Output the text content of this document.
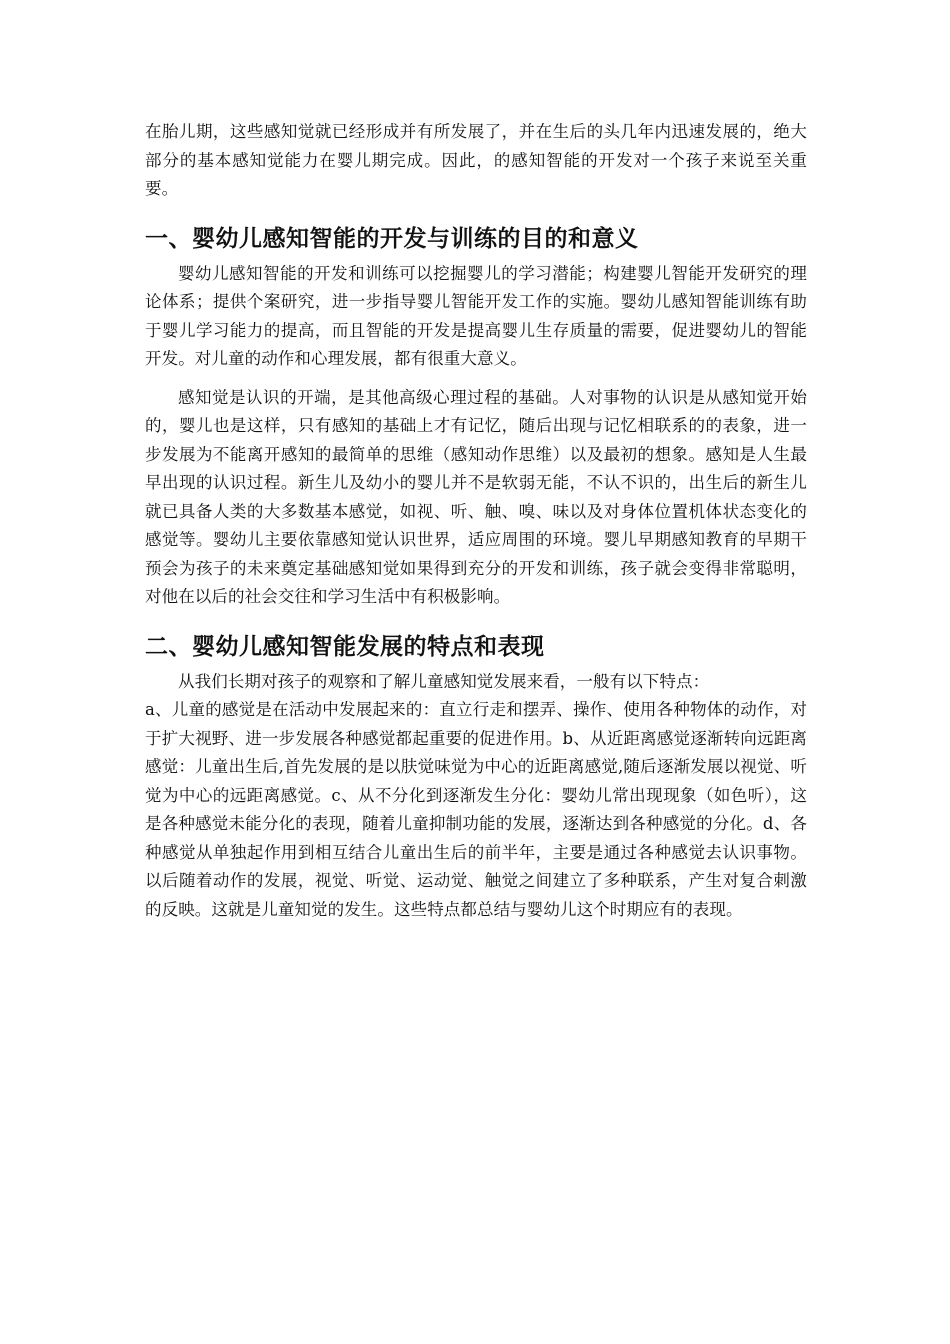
在胎儿期，这些感知觉就已经形成并有所发展了，并在生后的头几年内迅速发展的，绝大部分的基本感知觉能力在婴儿期完成。因此，的感知智能的开发对一个孩子来说至关重要。

一、婴幼儿感知智能的开发与训练的目的和意义

婴幼儿感知智能的开发和训练可以挖掘婴儿的学习潜能；构建婴儿智能开发研究的理论体系；提供个案研究，进一步指导婴儿智能开发工作的实施。婴幼儿感知智能训练有助于婴儿学习能力的提高，而且智能的开发是提高婴儿生存质量的需要，促进婴幼儿的智能开发。对儿童的动作和心理发展，都有很重大意义。

感知觉是认识的开端，是其他高级心理过程的基础。人对事物的认识是从感知觉开始的，婴儿也是这样，只有感知的基础上才有记忆，随后出现与记忆相联系的的表象，进一步发展为不能离开感知的最简单的思维（感知动作思维）以及最初的想象。感知是人生最早出现的认识过程。新生儿及幼小的婴儿并不是软弱无能，不认不识的，出生后的新生儿就已具备人类的大多数基本感觉，如视、听、触、嗅、味以及对身体位置机体状态变化的感觉等。婴幼儿主要依靠感知觉认识世界，适应周围的环境。婴儿早期感知教育的早期干预会为孩子的未来奠定基础感知觉如果得到充分的开发和训练，孩子就会变得非常聪明，对他在以后的社会交往和学习生活中有积极影响。

二、婴幼儿感知智能发展的特点和表现

从我们长期对孩子的观察和了解儿童感知觉发展来看，一般有以下特点：

a、儿童的感觉是在活动中发展起来的：直立行走和摆弄、操作、使用各种物体的动作，对于扩大视野、进一步发展各种感觉都起重要的促进作用。b、从近距离感觉逐渐转向远距离感觉：儿童出生后,首先发展的是以肤觉味觉为中心的近距离感觉,随后逐渐发展以视觉、听觉为中心的远距离感觉。c、从不分化到逐渐发生分化：婴幼儿常出现现象（如色听），这是各种感觉未能分化的表现，随着儿童抑制功能的发展，逐渐达到各种感觉的分化。d、各种感觉从单独起作用到相互结合儿童出生后的前半年，主要是通过各种感觉去认识事物。以后随着动作的发展，视觉、听觉、运动觉、触觉之间建立了多种联系，产生对复合刺激的反映。这就是儿童知觉的发生。这些特点都总结与婴幼儿这个时期应有的表现。
